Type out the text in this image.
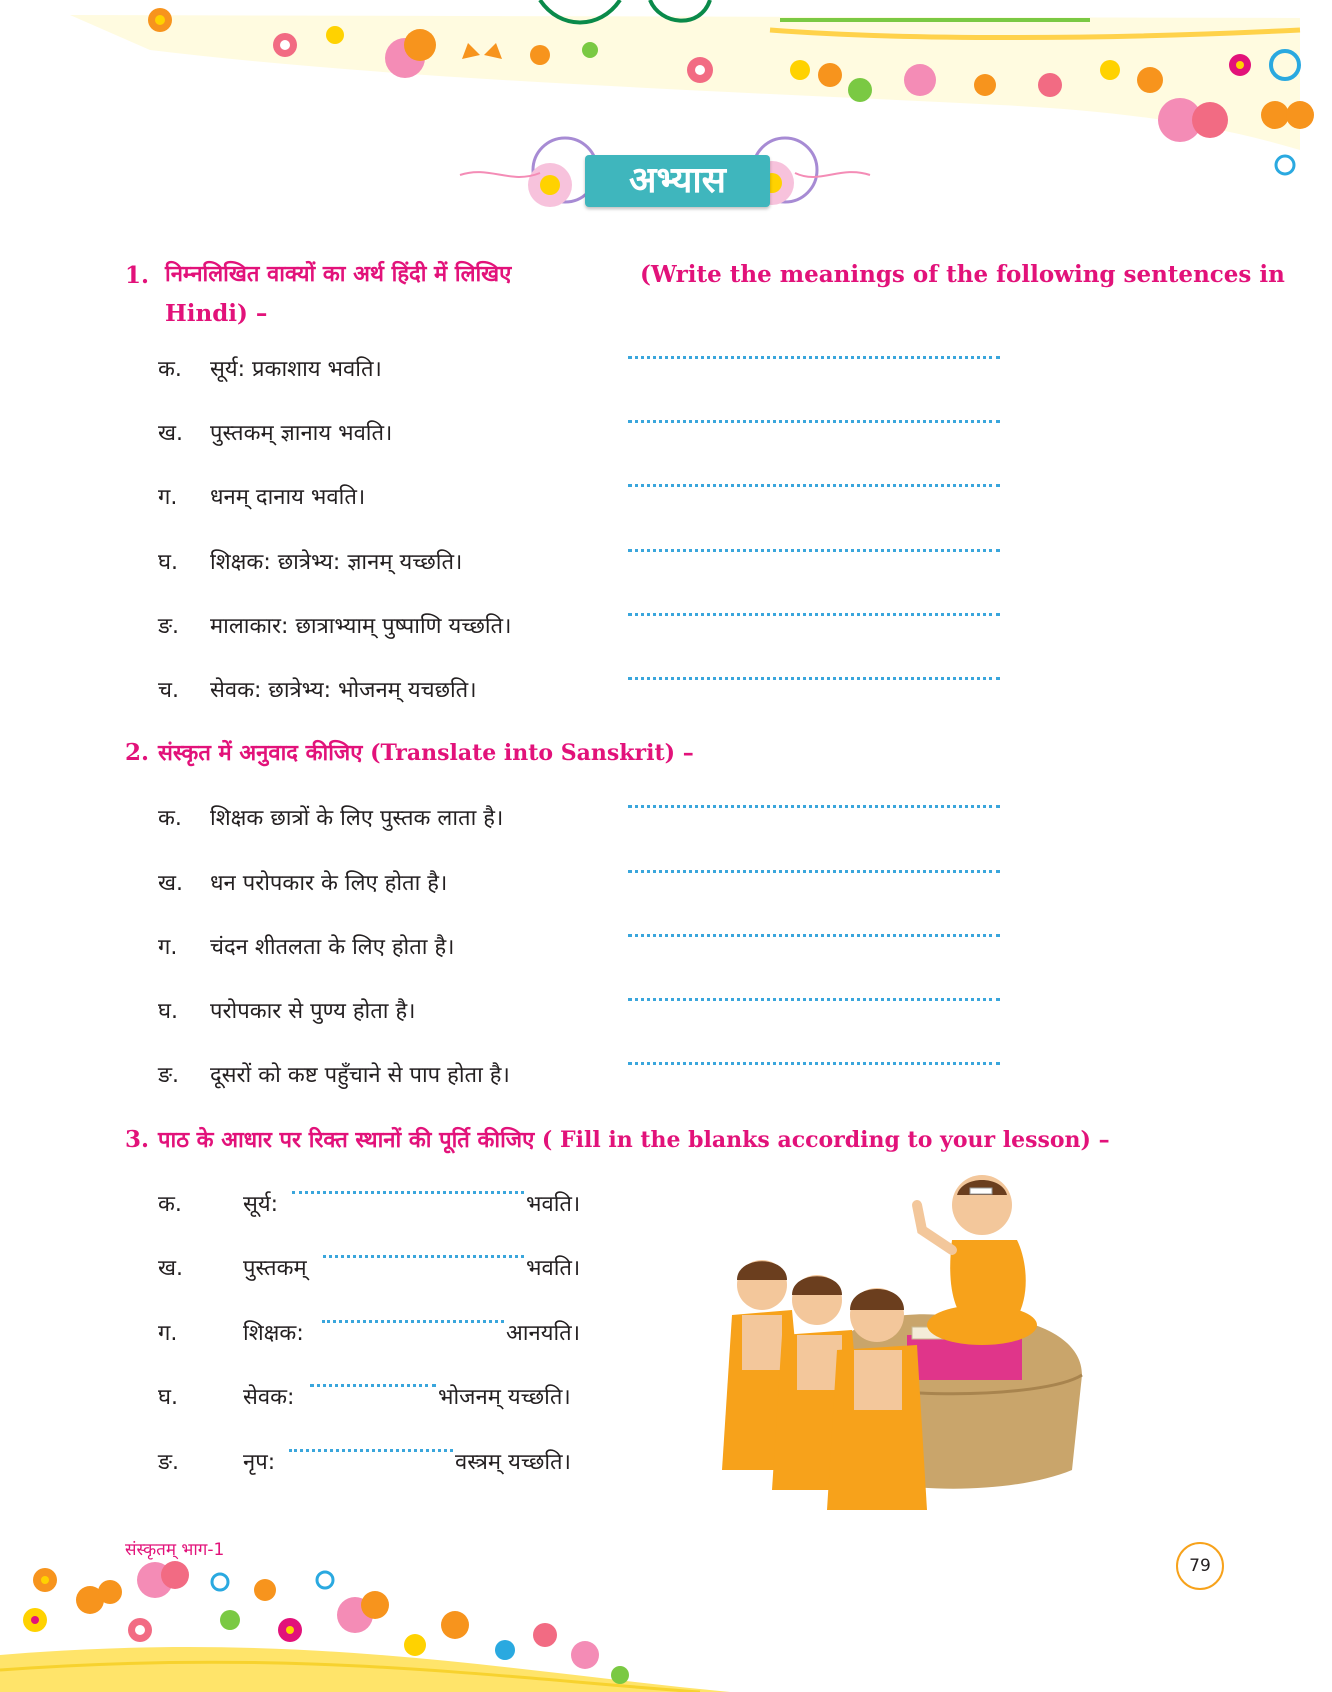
अभ्यास
1. निम्नलिखित वाक्यों का अर्थ हिंदी में लिखिए	(Write the meanings of the following sentences in
Hindi) –
क. सूर्य: प्रकाशाय भवति।
ख. पुस्तकम् ज्ञानाय भवति।
ग. धनम् दानाय भवति।
घ. शिक्षक: छात्रेभ्य: ज्ञानम् यच्छति।
ङ. मालाकार: छात्राभ्याम् पुष्पाणि यच्छति।
च. सेवक: छात्रेभ्य: भोजनम् यचछति।
2. संस्कृत में अनुवाद कीजिए (Translate into Sanskrit) –
क. शिक्षक छात्रों के लिए पुस्तक लाता है।
ख. धन परोपकार के लिए होता है।
ग. चंदन शीतलता के लिए होता है।
घ. परोपकार से पुण्य होता है।
ङ. दूसरों को कष्ट पहुँचाने से पाप होता है।
3. पाठ के आधार पर रिक्त स्थानों की पूर्ति कीजिए ( Fill in the blanks according to your lesson) –
क.	सूर्य:	भवति।
ख.	पुस्तकम्	भवति।
ग.	शिक्षक:	आनयति।
घ.	सेवक:	भोजनम् यच्छति।
ङ.	नृप:	वस्त्रम् यच्छति।
संस्कृतम् भाग-1
79
